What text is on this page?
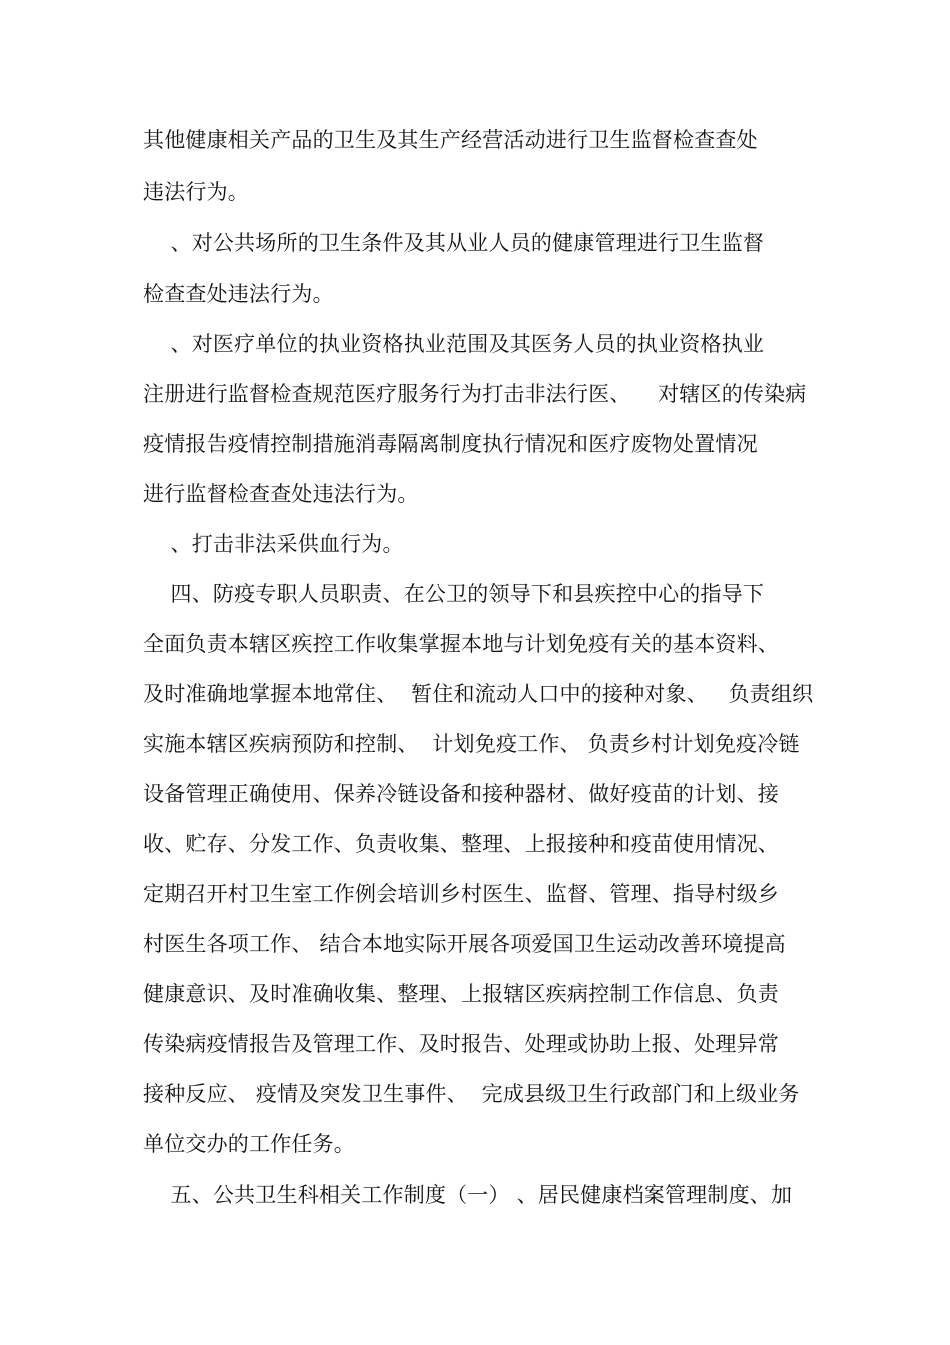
其他健康相关产品的卫生及其生产经营活动进行卫生监督检查查处
违法行为。
、对公共场所的卫生条件及其从业人员的健康管理进行卫生监督
检查查处违法行为。
、对医疗单位的执业资格执业范围及其医务人员的执业资格执业
注册进行监督检查规范医疗服务行为打击非法行医、    对辖区的传染病
疫情报告疫情控制措施消毒隔离制度执行情况和医疗废物处置情况
进行监督检查查处违法行为。
、打击非法采供血行为。
四、防疫专职人员职责、在公卫的领导下和县疾控中心的指导下
全面负责本辖区疾控工作收集掌握本地与计划免疫有关的基本资料、
及时准确地掌握本地常住、  暂住和流动人口中的接种对象、   负责组织
实施本辖区疾病预防和控制、  计划免疫工作、 负责乡村计划免疫冷链
设备管理正确使用、保养冷链设备和接种器材、做好疫苗的计划、接
收、贮存、分发工作、负责收集、整理、上报接种和疫苗使用情况、
定期召开村卫生室工作例会培训乡村医生、监督、管理、指导村级乡
村医生各项工作、 结合本地实际开展各项爱国卫生运动改善环境提高
健康意识、及时准确收集、整理、上报辖区疾病控制工作信息、负责
传染病疫情报告及管理工作、及时报告、处理或协助上报、处理异常
接种反应、 疫情及突发卫生事件、  完成县级卫生行政部门和上级业务
单位交办的工作任务。
五、公共卫生科相关工作制度（一） 、居民健康档案管理制度、加
